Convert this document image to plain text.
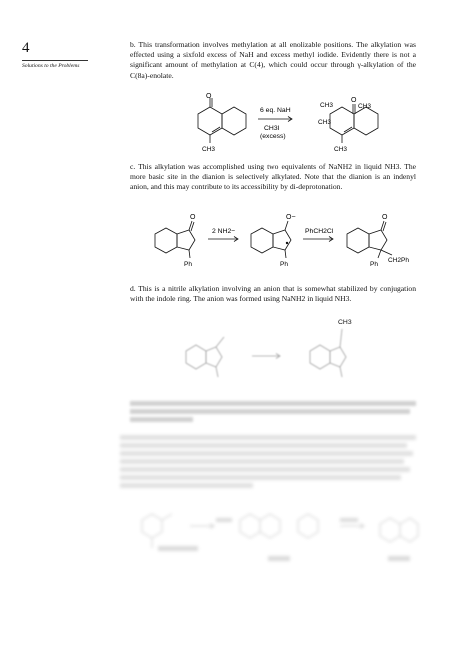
4
Solutions to the Problems
b. This transformation involves methylation at all enolizable positions. The alkylation was effected using a sixfold excess of NaH and excess methyl iodide. Evidently there is not a significant amount of methylation at C(4), which could occur through γ-alkylation of the C(8a)-enolate.
O
CH3
6 eq. NaH
CH3I
(excess)
O
CH3
CH3
CH3
CH3
c. This alkylation was accomplished using two equivalents of NaNH2 in liquid NH3. The more basic site in the dianion is selectively alkylated. Note that the dianion is an indenyl anion, and this may contribute to its accessibility by di-deprotonation.
O
Ph
2 NH2−
O−
Ph
PhCH2Cl
O
Ph
CH2Ph
d. This is a nitrile alkylation involving an anion that is somewhat stabilized by conjugation with the indole ring. The anion was formed using NaNH2 in liquid NH3.
CH3
